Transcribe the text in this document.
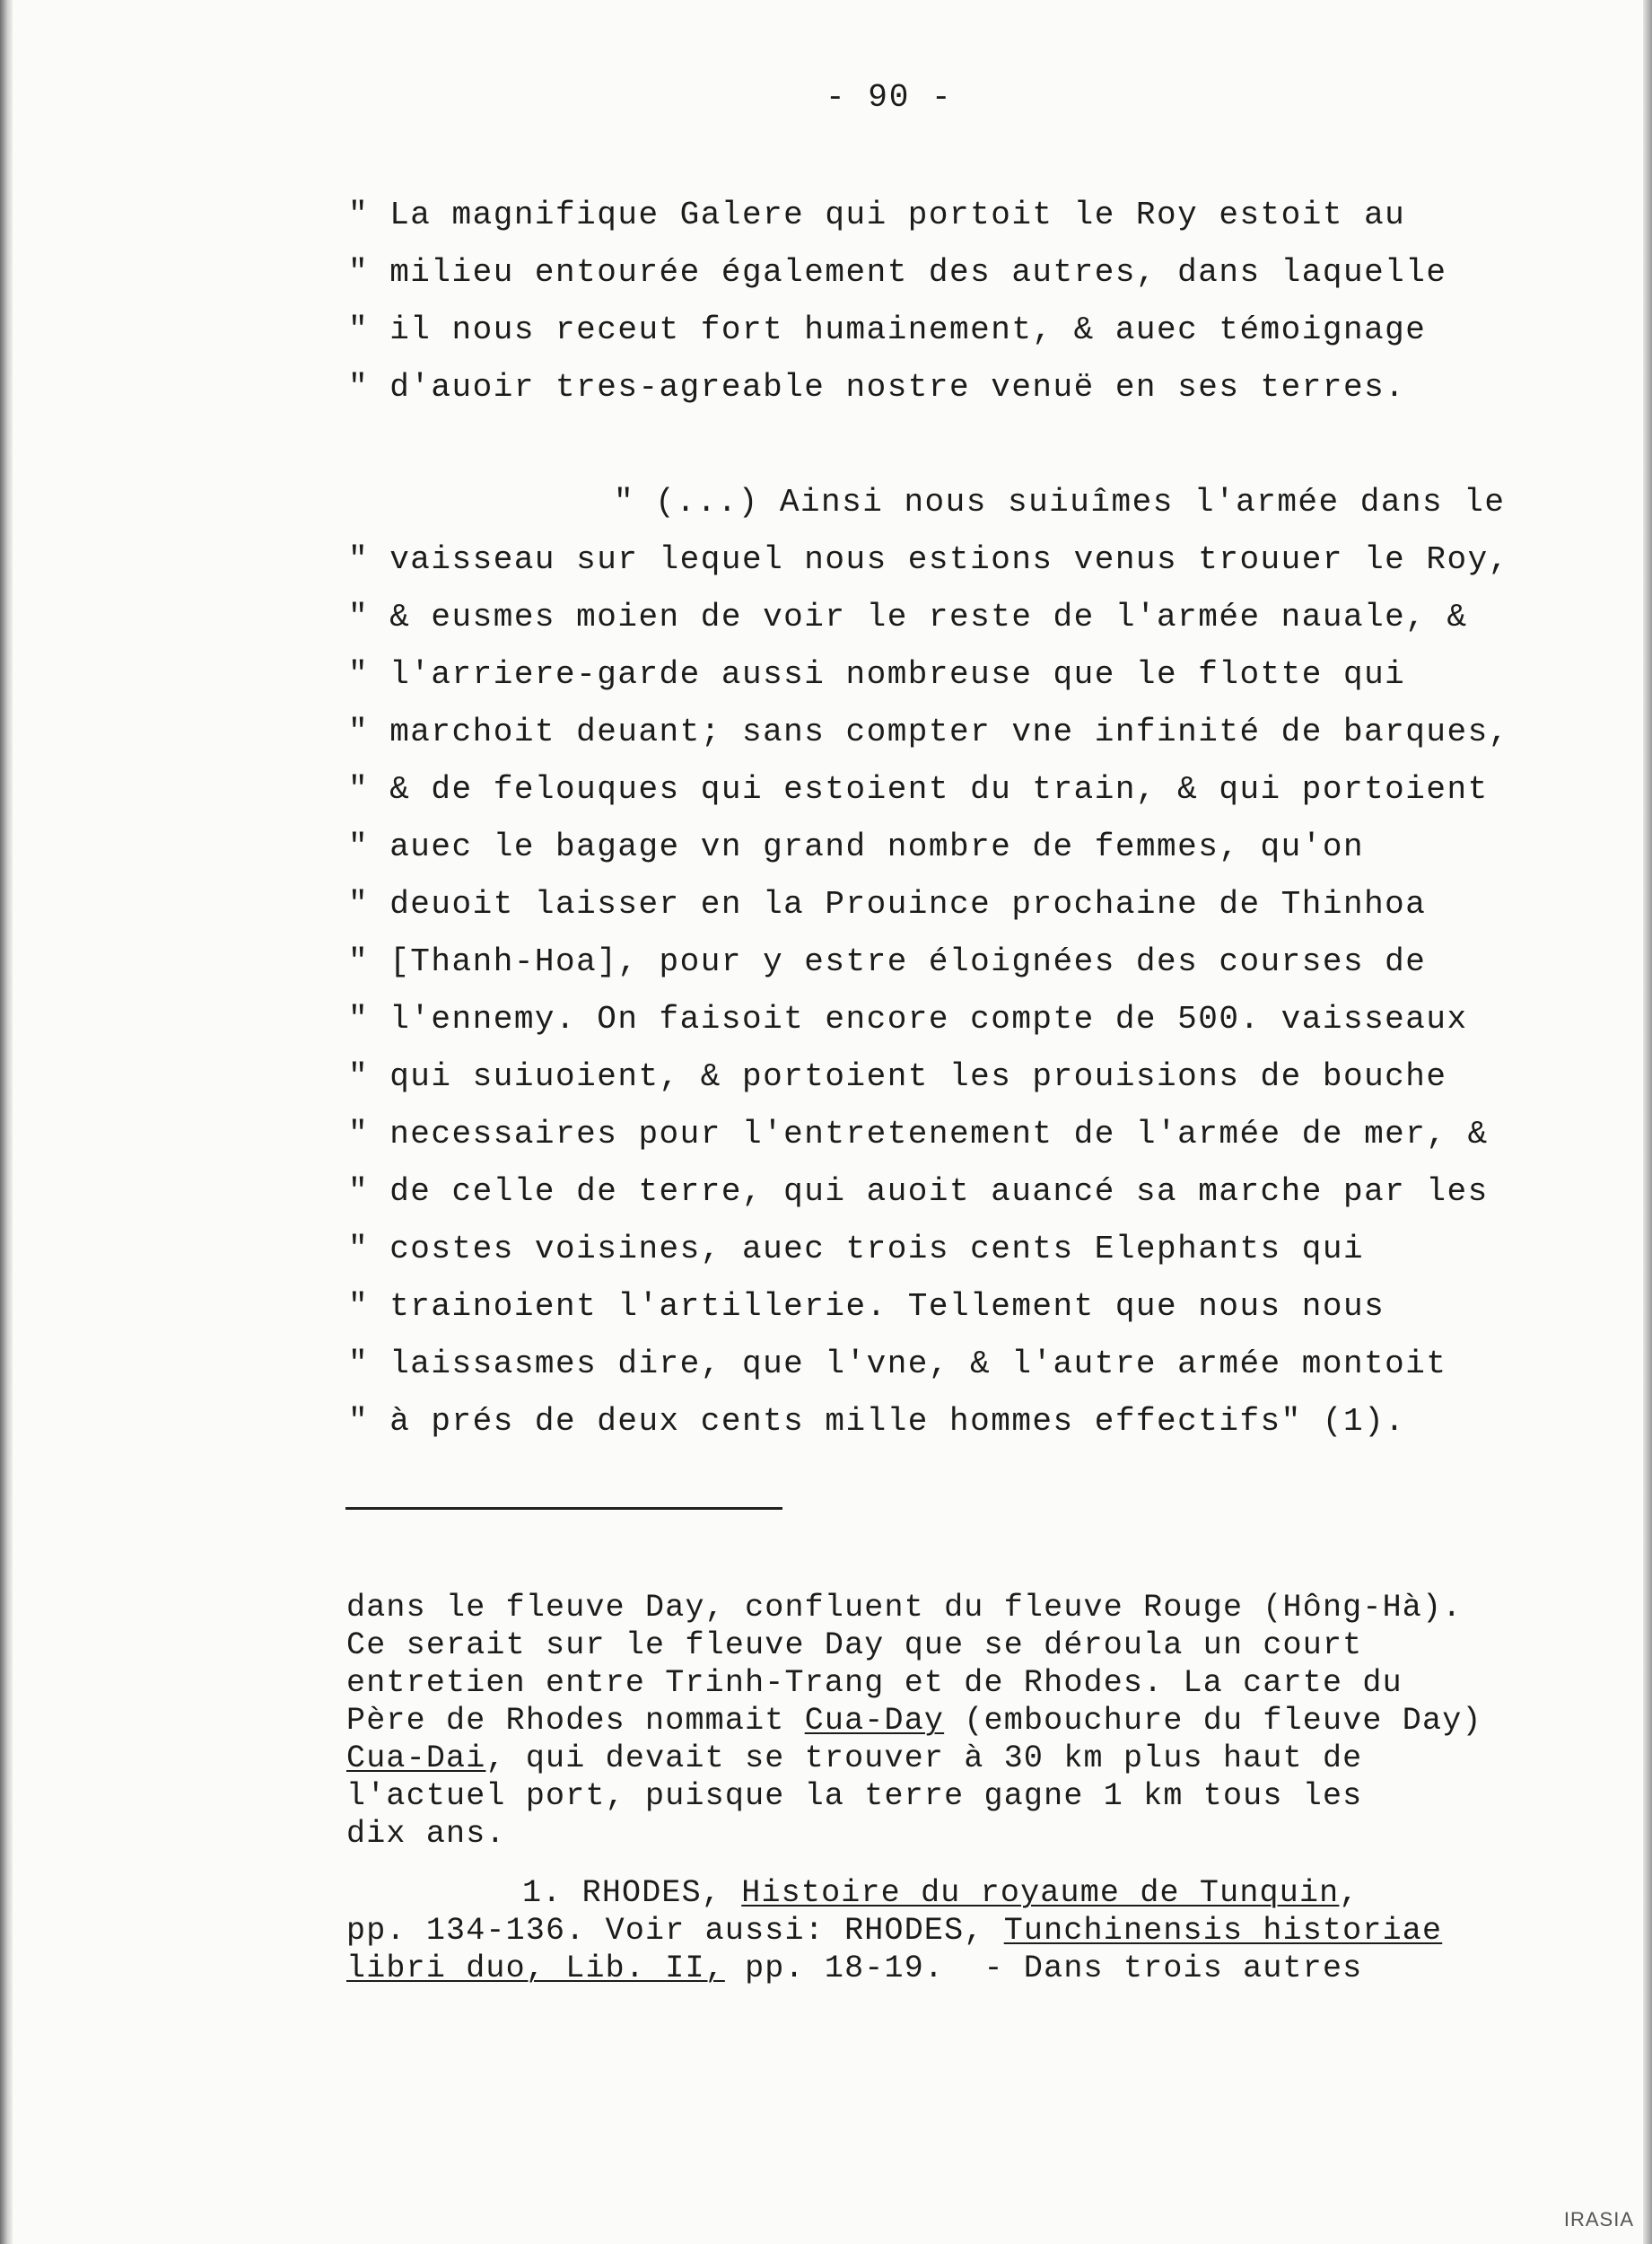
- 90 -
" La magnifique Galere qui portoit le Roy estoit au
" milieu entourée également des autres, dans laquelle
" il nous receut fort humainement, & auec témoignage
" d'auoir tres-agreable nostre venuë en ses terres.
" (...) Ainsi nous suiuîmes l'armée dans le
" vaisseau sur lequel nous estions venus trouuer le Roy,
" & eusmes moien de voir le reste de l'armée nauale, &
" l'arriere-garde aussi nombreuse que le flotte qui
" marchoit deuant; sans compter vne infinité de barques,
" & de felouques qui estoient du train, & qui portoient
" auec le bagage vn grand nombre de femmes, qu'on
" deuoit laisser en la Prouince prochaine de Thinhoa
" [Thanh-Hoa], pour y estre éloignées des courses de
" l'ennemy. On faisoit encore compte de 500. vaisseaux
" qui suiuoient, & portoient les prouisions de bouche
" necessaires pour l'entretenement de l'armée de mer, &
" de celle de terre, qui auoit auancé sa marche par les
" costes voisines, auec trois cents Elephants qui
" trainoient l'artillerie. Tellement que nous nous
" laissasmes dire, que l'vne, & l'autre armée montoit
" à prés de deux cents mille hommes effectifs" (1).
dans le fleuve Day, confluent du fleuve Rouge (Hông-Hà).
Ce serait sur le fleuve Day que se déroula un court
entretien entre Trinh-Trang et de Rhodes. La carte du
Père de Rhodes nommait Cua-Day (embouchure du fleuve Day)
Cua-Dai, qui devait se trouver à 30 km plus haut de
l'actuel port, puisque la terre gagne 1 km tous les
dix ans.
1. RHODES, Histoire du royaume de Tunquin,
pp. 134-136. Voir aussi: RHODES, Tunchinensis historiae
libri duo, Lib. II, pp. 18-19.  - Dans trois autres
IRASIA
